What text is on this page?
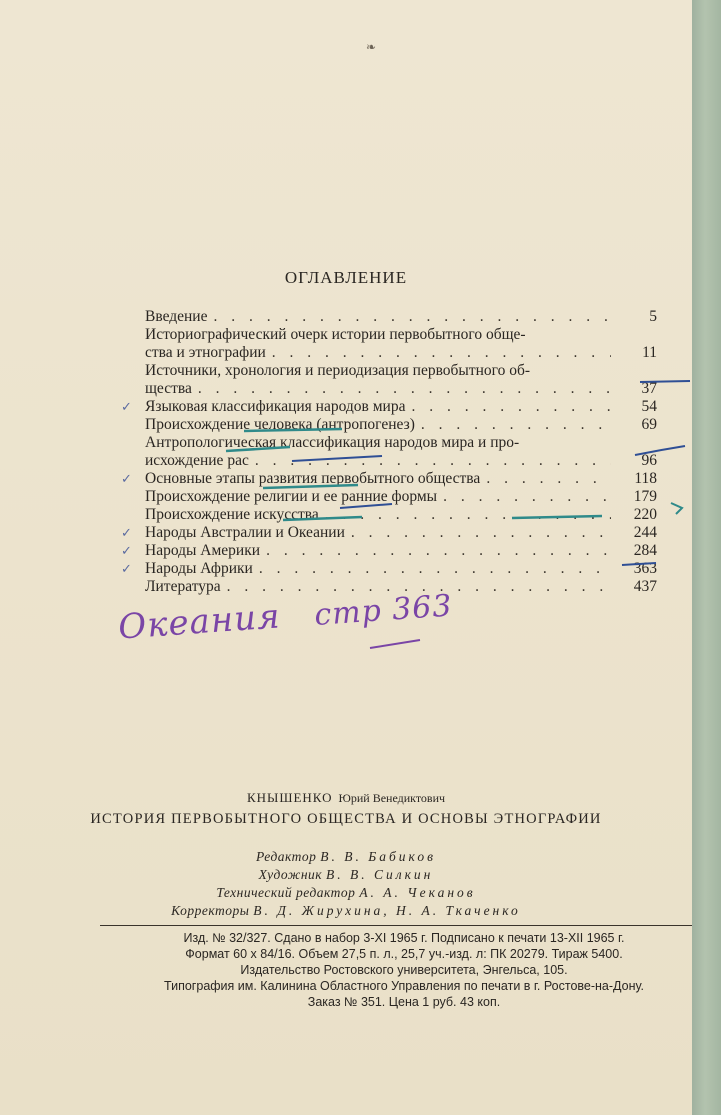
❧
ОГЛАВЛЕНИЕ
Введение . . .	5
Историографический очерк истории первобытного обще-
ства и этнографии . . .	11
Источники, хронология и периодизация первобытного об-
щества . . .	37
✓ Языковая классификация народов мира . . .	54
Происхождение человека (антропогенез) . . .	69
Антропологическая классификация народов мира и про-
исхождение рас . . .	96
✓ Основные этапы развития первобытного общества . . .	118
Происхождение религии и ее ранние формы . . .	179
Происхождение искусства . . .	220
✓ Народы Австралии и Океании . . .	244
✓ Народы Америки . . .	284
✓ Народы Африки . . .	363
Литература . . .	437
Океания стр 363
КНЫШЕНКО Юрий Венедиктович
ИСТОРИЯ ПЕРВОБЫТНОГО ОБЩЕСТВА И ОСНОВЫ ЭТНОГРАФИИ
Редактор В. В. Бабиков
Художник В. В. Силкин
Технический редактор А. А. Чеканов
Корректоры В. Д. Жирухина, Н. А. Ткаченко
Изд. № 32/327. Сдано в набор 3-XI 1965 г. Подписано к печати 13-XII 1965 г.
Формат 60 х 84/16. Объем 27,5 п. л., 25,7 уч.-изд. л: ПК 20279. Тираж 5400.
Издательство Ростовского университета, Энгельса, 105.
Типография им. Калинина Областного Управления по печати в г. Ростове-на-Дону.
Заказ № 351. Цена 1 руб. 43 коп.
